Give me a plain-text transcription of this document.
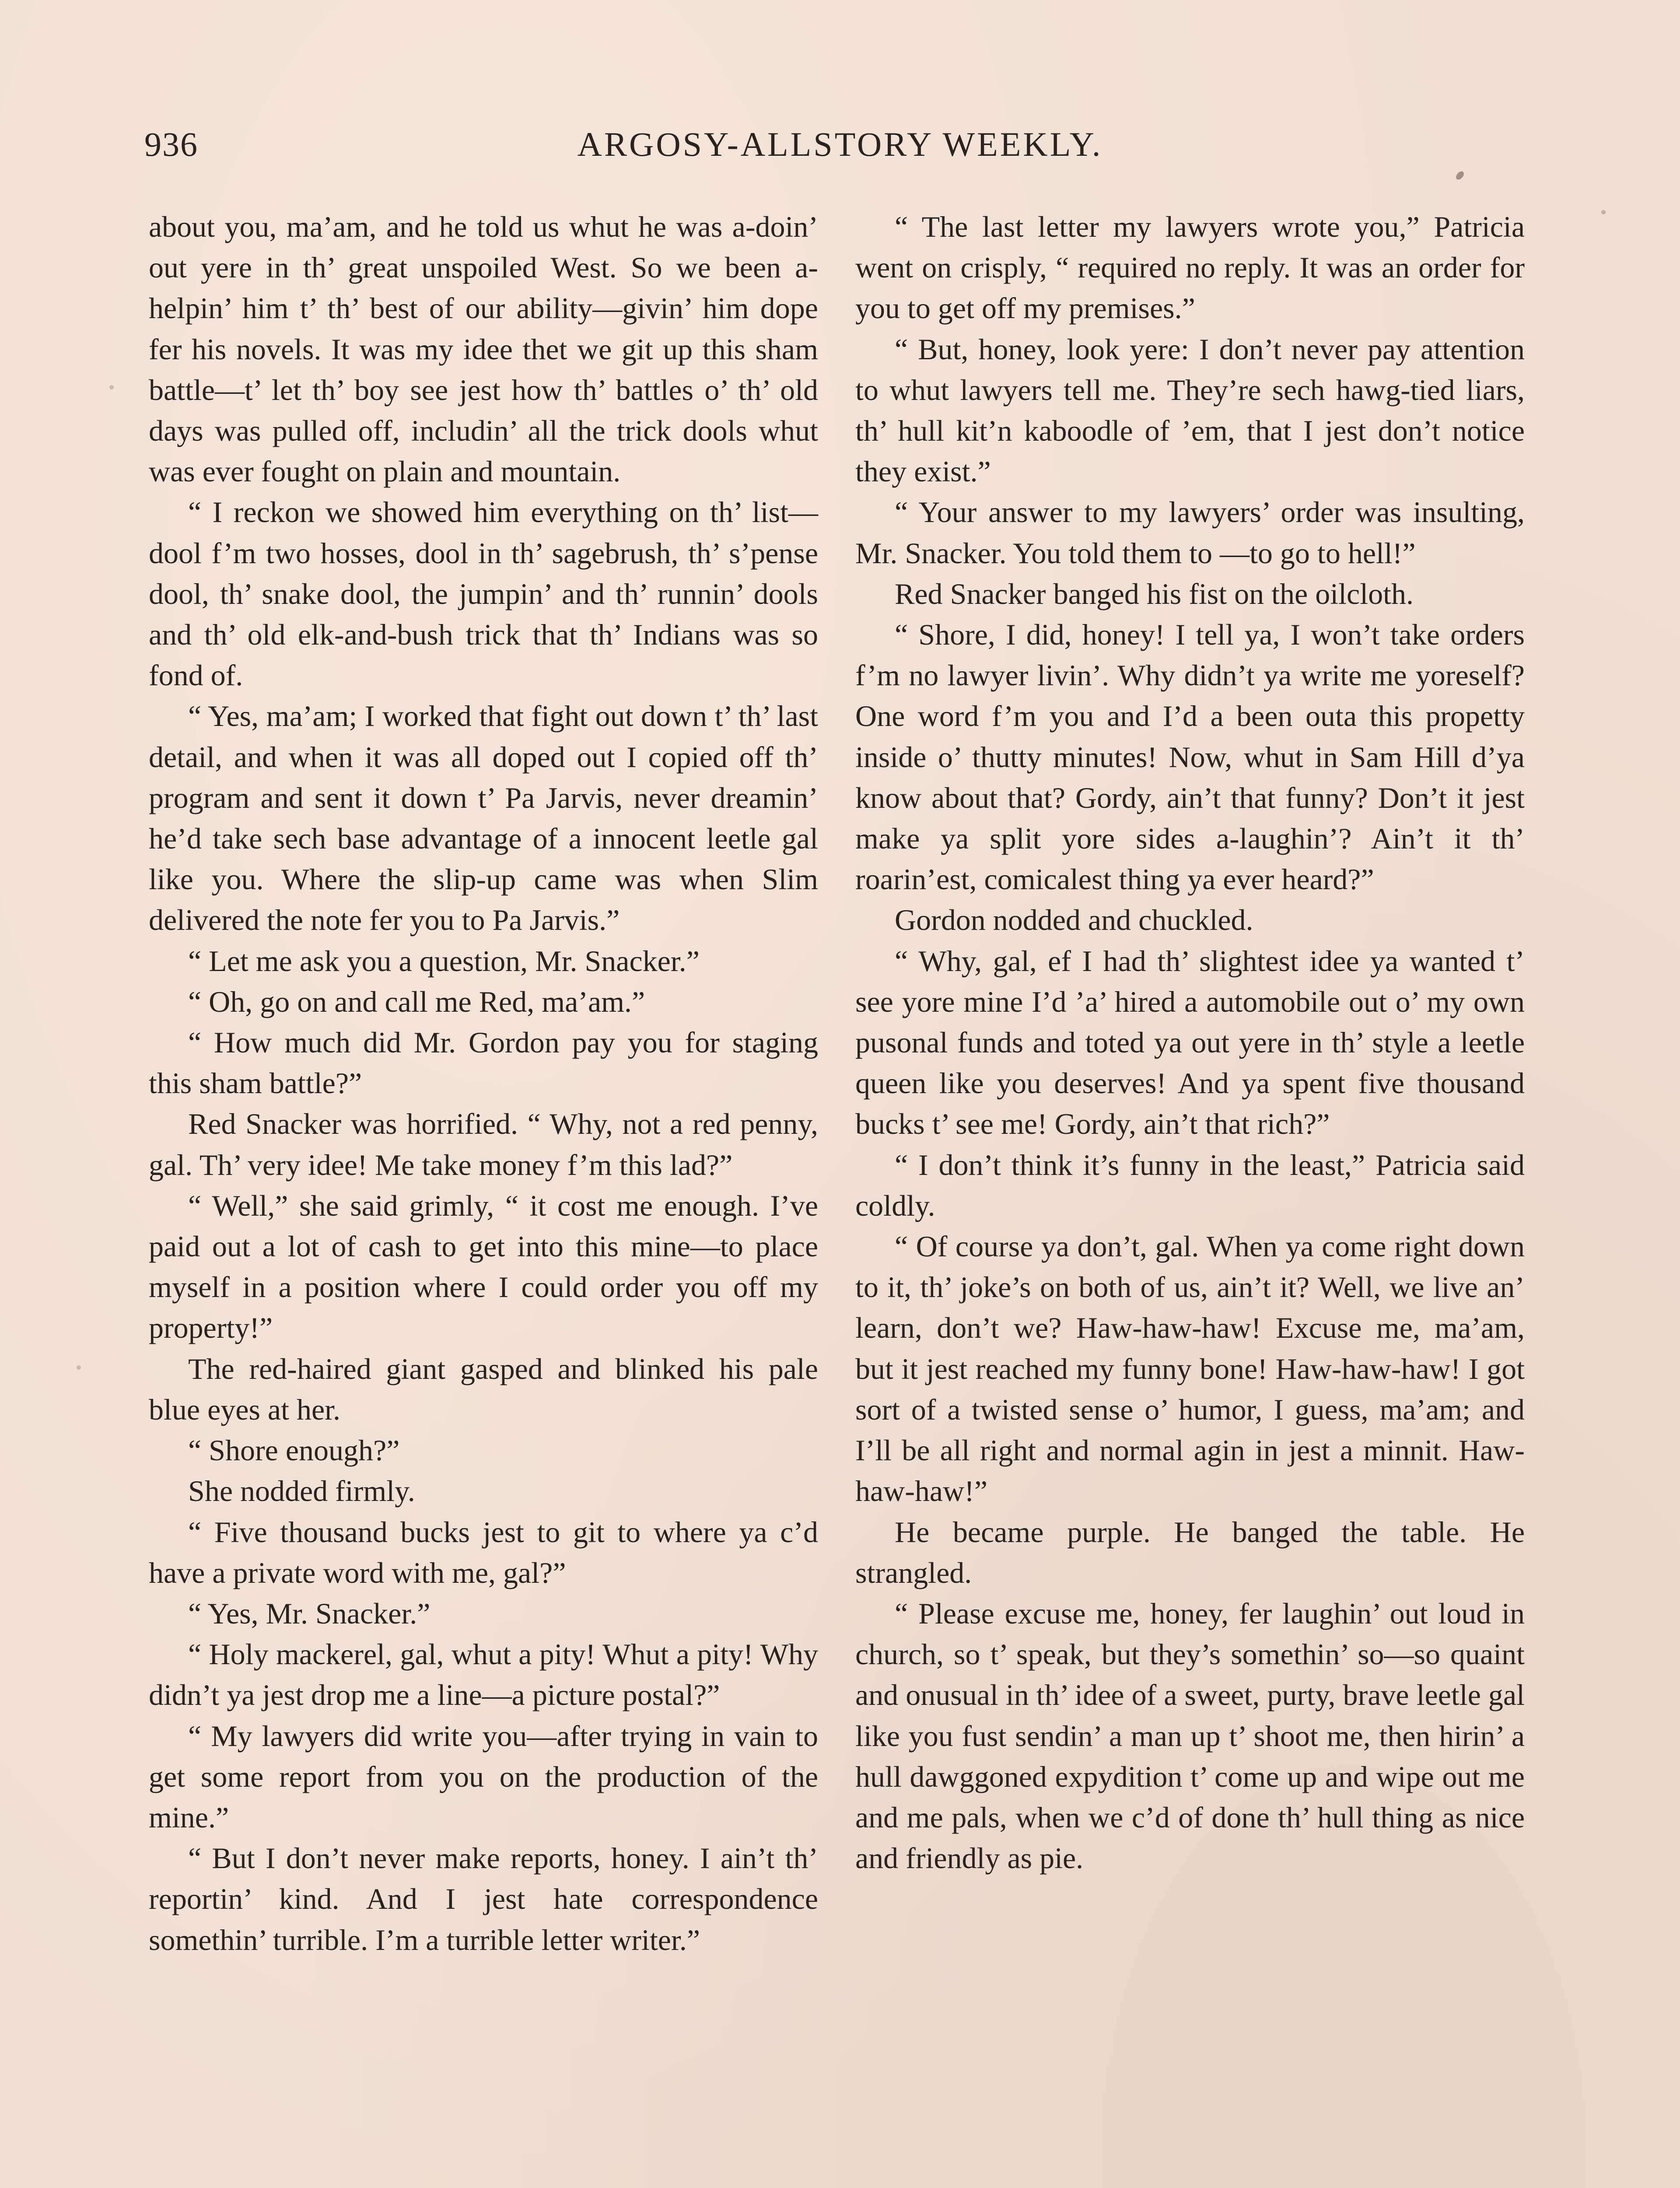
936	ARGOSY-ALLSTORY WEEKLY.

about you, ma’am, and he told us whut he was a-doin’ out yere in th’ great unspoiled West. So we been a-helpin’ him t’ th’ best of our ability—givin’ him dope fer his novels. It was my idee thet we git up this sham battle—t’ let th’ boy see jest how th’ battles o’ th’ old days was pulled off, includin’ all the trick dools whut was ever fought on plain and mountain.

“ I reckon we showed him everything on th’ list—dool f’m two hosses, dool in th’ sagebrush, th’ s’pense dool, th’ snake dool, the jumpin’ and th’ runnin’ dools and th’ old elk-and-bush trick that th’ Indians was so fond of.

“ Yes, ma’am; I worked that fight out down t’ th’ last detail, and when it was all doped out I copied off th’ program and sent it down t’ Pa Jarvis, never dreamin’ he’d take sech base advantage of a innocent leetle gal like you. Where the slip-up came was when Slim delivered the note fer you to Pa Jarvis.”

“ Let me ask you a question, Mr. Snacker.”

“ Oh, go on and call me Red, ma’am.”

“ How much did Mr. Gordon pay you for staging this sham battle?”

Red Snacker was horrified. “ Why, not a red penny, gal. Th’ very idee! Me take money f’m this lad?”

“ Well,” she said grimly, “ it cost me enough. I’ve paid out a lot of cash to get into this mine—to place myself in a position where I could order you off my property!”

The red-haired giant gasped and blinked his pale blue eyes at her.

“ Shore enough?”

She nodded firmly.

“ Five thousand bucks jest to git to where ya c’d have a private word with me, gal?”

“ Yes, Mr. Snacker.”

“ Holy mackerel, gal, whut a pity! Whut a pity! Why didn’t ya jest drop me a line—a picture postal?”

“ My lawyers did write you—after trying in vain to get some report from you on the production of the mine.”

“ But I don’t never make reports, honey. I ain’t th’ reportin’ kind. And I jest hate correspondence somethin’ turrible. I’m a turrible letter writer.”

“ The last letter my lawyers wrote you,” Patricia went on crisply, “ required no reply. It was an order for you to get off my premises.”

“ But, honey, look yere: I don’t never pay attention to whut lawyers tell me. They’re sech hawg-tied liars, th’ hull kit’n kaboodle of ’em, that I jest don’t notice they exist.”

“ Your answer to my lawyers’ order was insulting, Mr. Snacker. You told them to —to go to hell!”

Red Snacker banged his fist on the oilcloth.

“ Shore, I did, honey! I tell ya, I won’t take orders f’m no lawyer livin’. Why didn’t ya write me yoreself? One word f’m you and I’d a been outa this propetty inside o’ thutty minutes! Now, whut in Sam Hill d’ya know about that? Gordy, ain’t that funny? Don’t it jest make ya split yore sides a-laughin’? Ain’t it th’ roarin’est, comicalest thing ya ever heard?”

Gordon nodded and chuckled.

“ Why, gal, ef I had th’ slightest idee ya wanted t’ see yore mine I’d ’a’ hired a automobile out o’ my own pusonal funds and toted ya out yere in th’ style a leetle queen like you deserves! And ya spent five thousand bucks t’ see me! Gordy, ain’t that rich?”

“ I don’t think it’s funny in the least,” Patricia said coldly.

“ Of course ya don’t, gal. When ya come right down to it, th’ joke’s on both of us, ain’t it? Well, we live an’ learn, don’t we? Haw-haw-haw! Excuse me, ma’am, but it jest reached my funny bone! Haw-haw-haw! I got sort of a twisted sense o’ humor, I guess, ma’am; and I’ll be all right and normal agin in jest a minnit. Haw-haw-haw!”

He became purple. He banged the table. He strangled.

“ Please excuse me, honey, fer laughin’ out loud in church, so t’ speak, but they’s somethin’ so—so quaint and onusual in th’ idee of a sweet, purty, brave leetle gal like you fust sendin’ a man up t’ shoot me, then hirin’ a hull dawggoned expydition t’ come up and wipe out me and me pals, when we c’d of done th’ hull thing as nice and friendly as pie.
